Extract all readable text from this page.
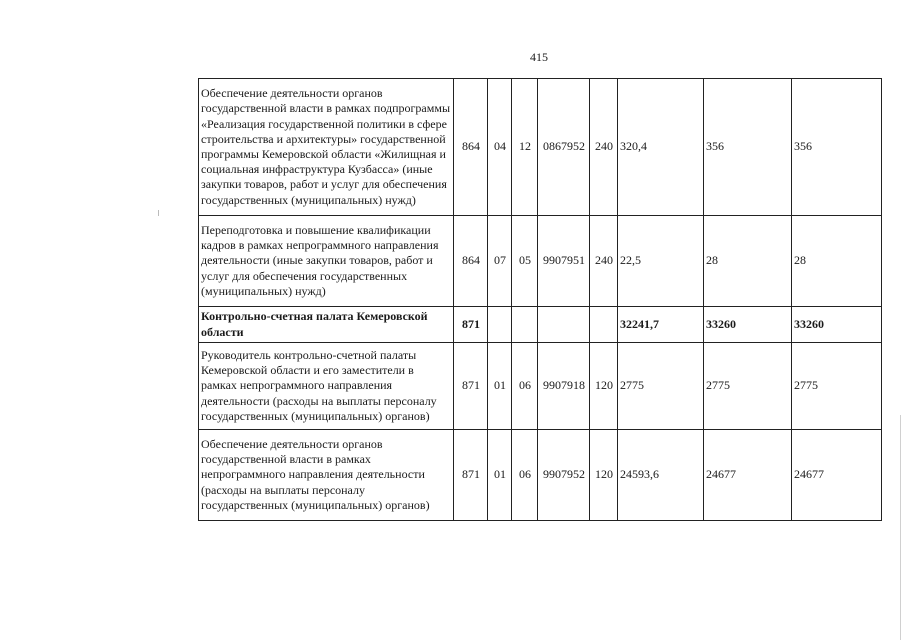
415
Обеспечение деятельности органов государственной власти в рамках подпрограммы «Реализация государственной политики в сфере строительства и архитектуры» государственной программы Кемеровской области «Жилищная и социальная инфраструктура Кузбасса» (иные закупки товаров, работ и услуг для обеспечения государственных (муниципальных) нужд)	864	04	12	0867952	240	320,4	356	356
Переподготовка и повышение квалификации кадров в рамках непрограммного направления деятельности (иные закупки товаров, работ и услуг для обеспечения государственных (муниципальных) нужд)	864	07	05	9907951	240	22,5	28	28
Контрольно-счетная палата Кемеровской области	871					32241,7	33260	33260
Руководитель контрольно-счетной палаты Кемеровской области и его заместители в рамках непрограммного направления деятельности (расходы на выплаты персоналу государственных (муниципальных) органов)	871	01	06	9907918	120	2775	2775	2775
Обеспечение деятельности органов государственной власти в рамках непрограммного направления деятельности (расходы на выплаты персоналу государственных (муниципальных) органов)	871	01	06	9907952	120	24593,6	24677	24677
